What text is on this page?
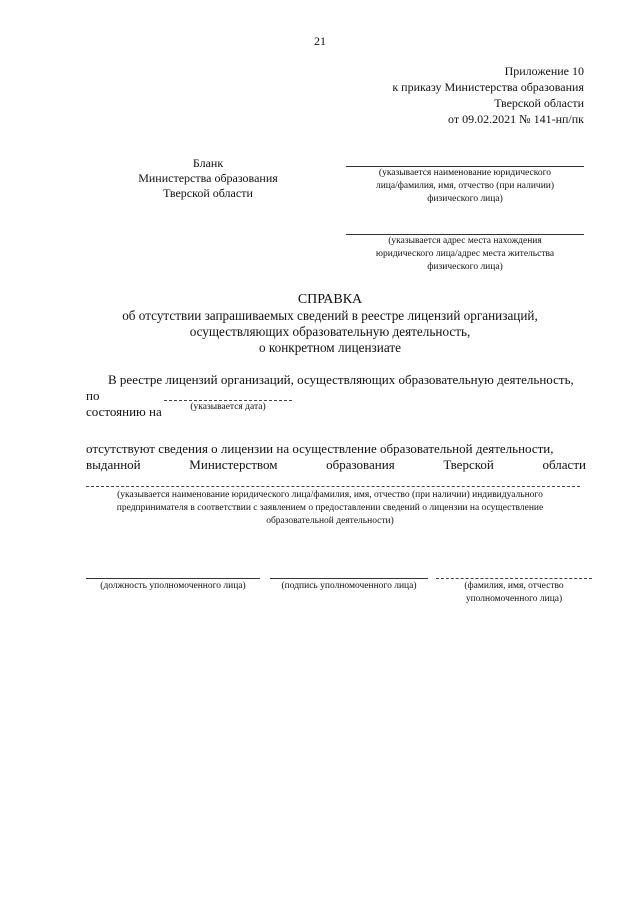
21
Приложение 10
к приказу Министерства образования
Тверской области
от 09.02.2021 № 141-нп/пк
Бланк
Министерства образования
Тверской области
(указывается наименование юридического
лица/фамилия, имя, отчество (при наличии)
физического лица)
(указывается адрес места нахождения
юридического лица/адрес места жительства
физического лица)
СПРАВКА
об отсутствии запрашиваемых сведений в реестре лицензий организаций,
осуществляющих образовательную деятельность,
о конкретном лицензиате
В реестре лицензий организаций, осуществляющих образовательную деятельность, по
состоянию на	(указывается дата)
отсутствуют сведения о лицензии на осуществление образовательной деятельности,
выданной	Министерством	образования	Тверской	области
(указывается наименование юридического лица/фамилия, имя, отчество (при наличии) индивидуального
предпринимателя в соответствии с заявлением о предоставлении сведений о лицензии на осуществление
образовательной деятельности)
(должность уполномоченного лица)	(подпись уполномоченного лица)	(фамилия, имя, отчество
уполномоченного лица)
